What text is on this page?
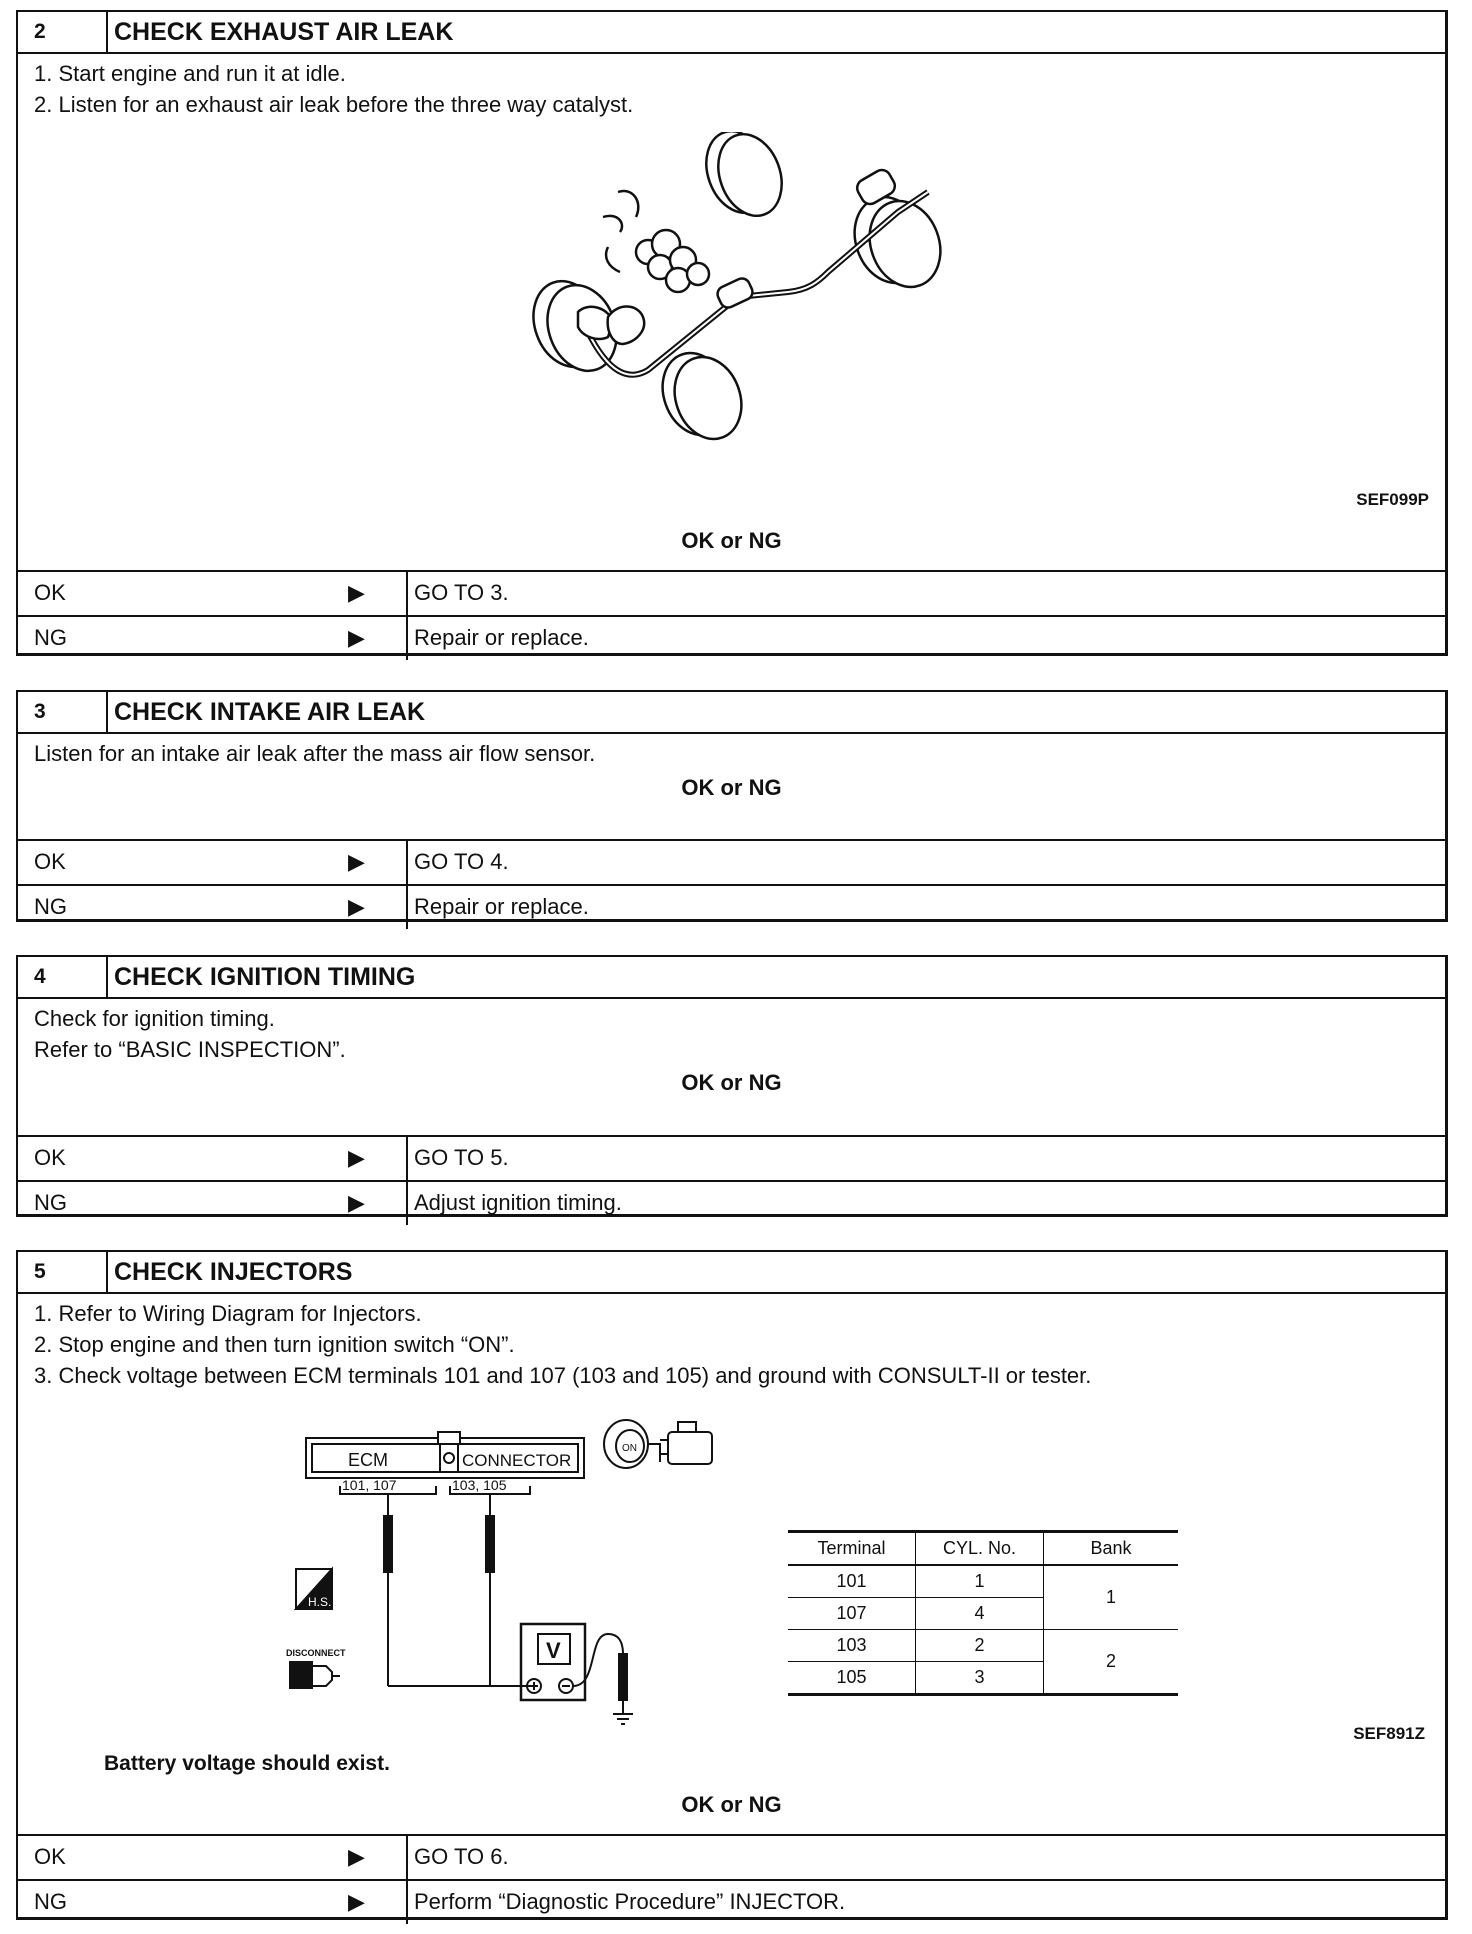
2	CHECK EXHAUST AIR LEAK
1. Start engine and run it at idle.
2. Listen for an exhaust air leak before the three way catalyst.
SEF099P
OK or NG
OK	▶ GO TO 3.
NG	▶ Repair or replace.
3	CHECK INTAKE AIR LEAK
Listen for an intake air leak after the mass air flow sensor.
OK or NG
OK	▶ GO TO 4.
NG	▶ Repair or replace.
4	CHECK IGNITION TIMING
Check for ignition timing.
Refer to “BASIC INSPECTION”.
OK or NG
OK	▶ GO TO 5.
NG	▶ Adjust ignition timing.
5	CHECK INJECTORS
1. Refer to Wiring Diagram for Injectors.
2. Stop engine and then turn ignition switch “ON”.
3. Check voltage between ECM terminals 101 and 107 (103 and 105) and ground with CONSULT-II or tester.
ECM	CONNECTOR
101, 107	103, 105
ON
H.S.
DISCONNECT	V
Terminal	CYL. No.	Bank
101	1	1
107	4	
103	2	2
105	3	
SEF891Z
Battery voltage should exist.
OK or NG
OK	▶ GO TO 6.
NG	▶ Perform “Diagnostic Procedure” INJECTOR.
